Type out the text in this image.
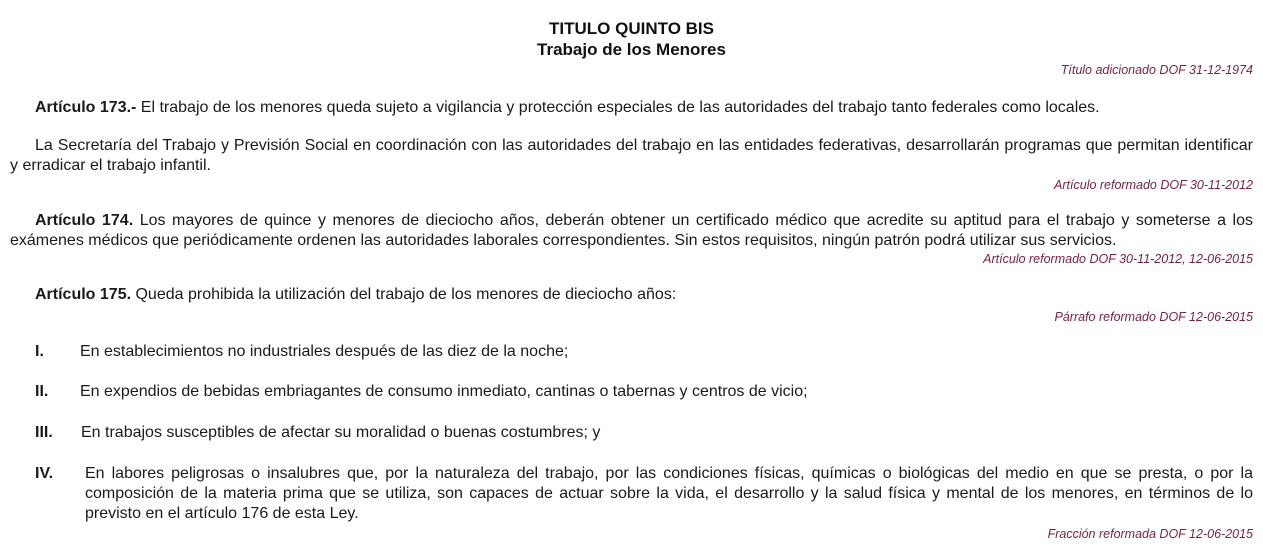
TITULO QUINTO BIS
Trabajo de los Menores
Título adicionado DOF 31-12-1974

Artículo 173.- El trabajo de los menores queda sujeto a vigilancia y protección especiales de las autoridades del trabajo tanto federales como locales.

La Secretaría del Trabajo y Previsión Social en coordinación con las autoridades del trabajo en las entidades federativas, desarrollarán programas que permitan identificar y erradicar el trabajo infantil.

Artículo reformado DOF 30-11-2012

Artículo 174. Los mayores de quince y menores de dieciocho años, deberán obtener un certificado médico que acredite su aptitud para el trabajo y someterse a los exámenes médicos que periódicamente ordenen las autoridades laborales correspondientes. Sin estos requisitos, ningún patrón podrá utilizar sus servicios.

Artículo reformado DOF 30-11-2012, 12-06-2015

Artículo 175. Queda prohibida la utilización del trabajo de los menores de dieciocho años:

Párrafo reformado DOF 12-06-2015
I.	En establecimientos no industriales después de las diez de la noche;
II.	En expendios de bebidas embriagantes de consumo inmediato, cantinas o tabernas y centros de vicio;
III.	En trabajos susceptibles de afectar su moralidad o buenas costumbres; y
IV.	En labores peligrosas o insalubres que, por la naturaleza del trabajo, por las condiciones físicas, químicas o biológicas del medio en que se presta, o por la composición de la materia prima que se utiliza, son capaces de actuar sobre la vida, el desarrollo y la salud física y mental de los menores, en términos de lo previsto en el artículo 176 de esta Ley.
Fracción reformada DOF 12-06-2015
